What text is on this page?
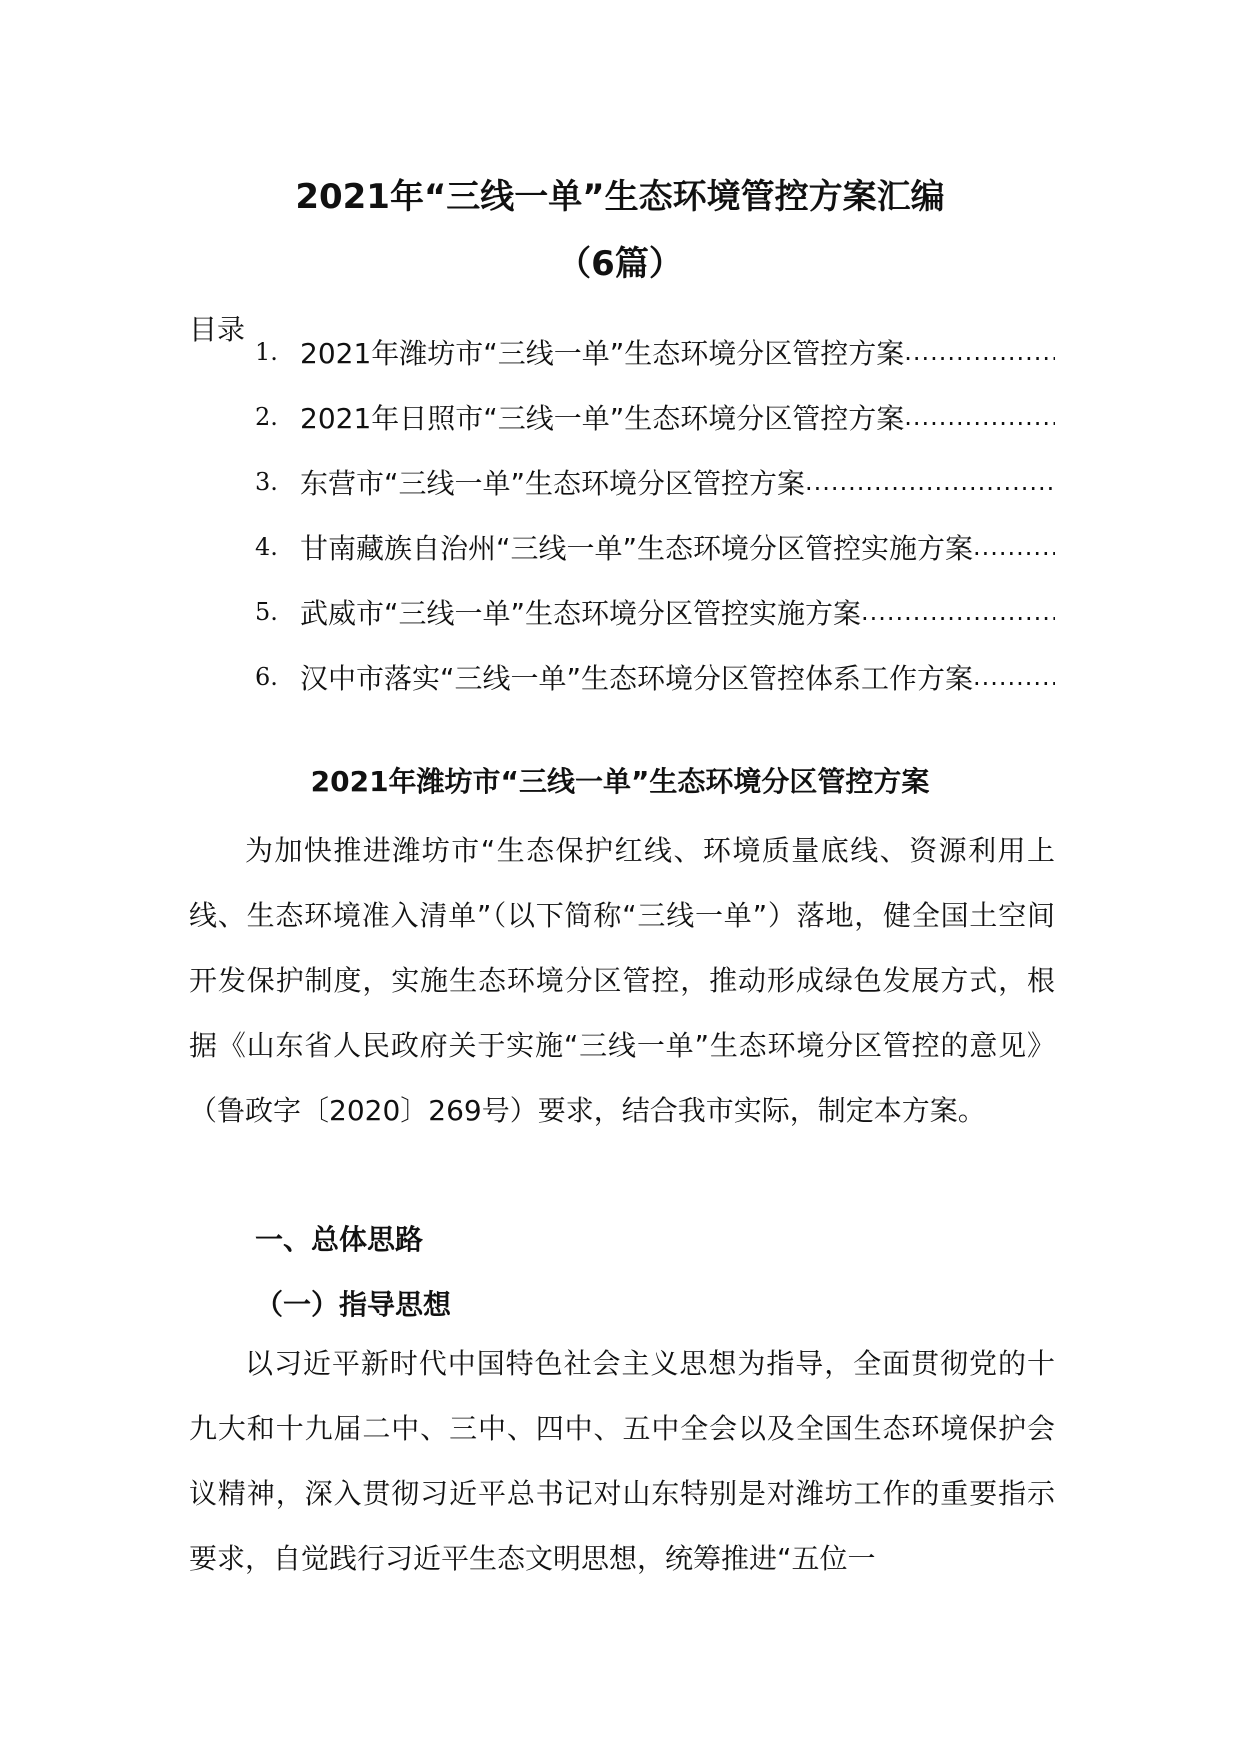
2021年“三线一单”生态环境管控方案汇编
（6篇）

目录

1. 2021年潍坊市“三线一单”生态环境分区管控方案
.....
2. 2021年日照市“三线一单”生态环境分区管控方案
.....
3. 东营市“三线一单”生态环境分区管控方案
.....
4. 甘南藏族自治州“三线一单”生态环境分区管控实施方案
.....
5. 武威市“三线一单”生态环境分区管控实施方案
.....
6. 汉中市落实“三线一单”生态环境分区管控体系工作方案
.....
2021年潍坊市“三线一单”生态环境分区管控方案

为加快推进潍坊市“生态保护红线、环境质量底线、资源利用上线、生态环境准入清单”（以下简称“三线一单”）落地，健全国土空间开发保护制度，实施生态环境分区管控，推动形成绿色发展方式，根据《山东省人民政府关于实施“三线一单”生态环境分区管控的意见》（鲁政字〔2020〕269号）要求，结合我市实际，制定本方案。

一、总体思路
（一）指导思想

以习近平新时代中国特色社会主义思想为指导，全面贯彻党的十九大和十九届二中、三中、四中、五中全会以及全国生态环境保护会议精神，深入贯彻习近平总书记对山东特别是对潍坊工作的重要指示要求，自觉践行习近平生态文明思想，统筹推进“五位一
